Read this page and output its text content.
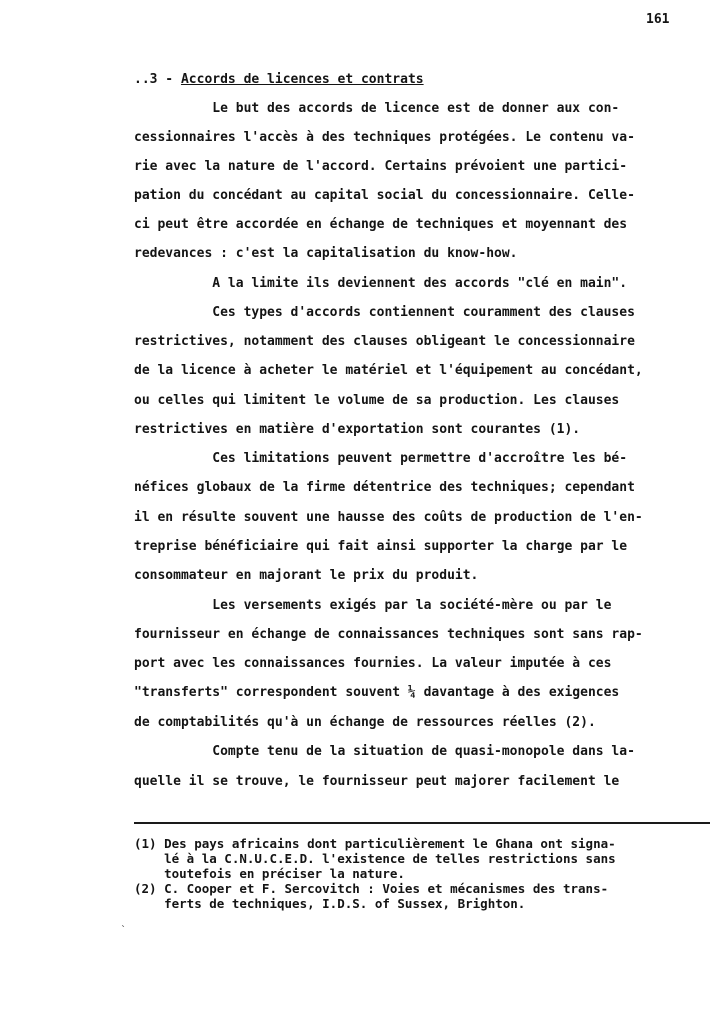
161
..3 - Accords de licences et contrats
Le but des accords de licence est de donner aux con-
cessionnaires l'accès à des techniques protégées. Le contenu va-
rie avec la nature de l'accord. Certains prévoient une partici-
pation du concédant au capital social du concessionnaire. Celle-
ci peut être accordée en échange de techniques et moyennant des
redevances : c'est la capitalisation du know-how.
A la limite ils deviennent des accords "clé en main".
Ces types d'accords contiennent couramment des clauses
restrictives, notamment des clauses obligeant le concessionnaire
de la licence à acheter le matériel et l'équipement au concédant,
ou celles qui limitent le volume de sa production. Les clauses
restrictives en matière d'exportation sont courantes (1).
Ces limitations peuvent permettre d'accroître les bé-
néfices globaux de la firme détentrice des techniques; cependant
il en résulte souvent une hausse des coûts de production de l'en-
treprise bénéficiaire qui fait ainsi supporter la charge par le
consommateur en majorant le prix du produit.
Les versements exigés par la société-mère ou par le
fournisseur en échange de connaissances techniques sont sans rap-
port avec les connaissances fournies. La valeur imputée à ces
"transferts" correspondent souvent ¼ davantage à des exigences
de comptabilités qu'à un échange de ressources réelles (2).
Compte tenu de la situation de quasi-monopole dans la-
quelle il se trouve, le fournisseur peut majorer facilement le
(1) Des pays africains dont particulièrement le Ghana ont signa-
lé à la C.N.U.C.E.D. l'existence de telles restrictions sans
toutefois en préciser la nature.
(2) C. Cooper et F. Sercovitch : Voies et mécanismes des trans-
ferts de techniques, I.D.S. of Sussex, Brighton.
ˎ
